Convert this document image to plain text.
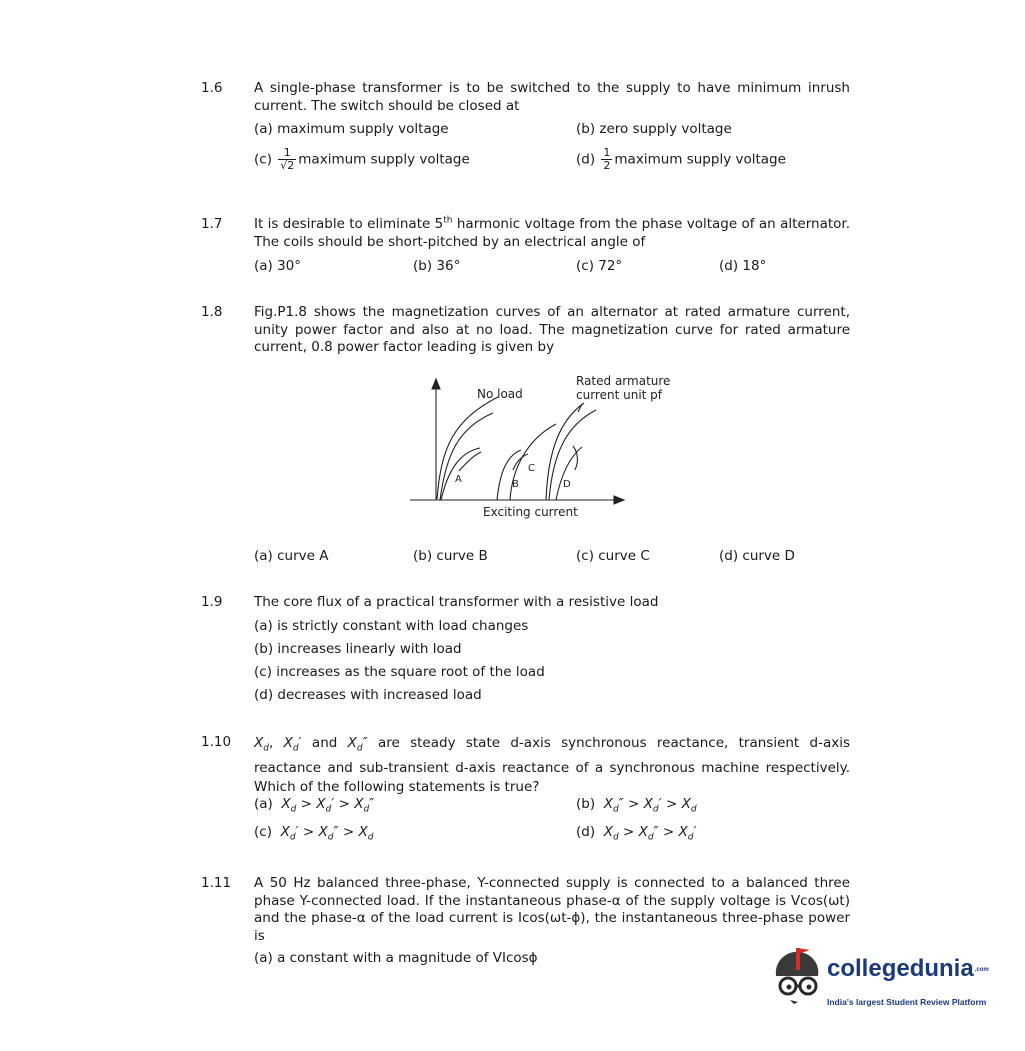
1.6 A single-phase transformer is to be switched to the supply to have minimum inrush current. The switch should be closed at
(a) maximum supply voltage	(b) zero supply voltage
$(c) \frac{1}{√2}$ maximum supply voltage	$(d) \frac{1}{2}$ maximum supply voltage
1.7 It is desirable to eliminate 5th harmonic voltage from the phase voltage of an alternator. The coils should be short-pitched by an electrical angle of
(a) 30°	(b) 36°	(c) 72°	(d) 18°
1.8 Fig.P1.8 shows the magnetization curves of an alternator at rated armature current, unity power factor and also at no load. The magnetization curve for rated armature current, 0.8 power factor leading is given by
No load
Rated armature
current unit pf
A	B
C
D
Exciting current
(a) curve A	(b) curve B	(c) curve C	(d) curve D
1.9 The core flux of a practical transformer with a resistive load
(a) is strictly constant with load changes
(b) increases linearly with load
(c) increases as the square root of the load
(d) decreases with increased load
1.10 $X_d$, $X_d'$ and $X_d''$ are steady state d-axis synchronous reactance, transient d-axis reactance and sub-transient d-axis reactance of a synchronous machine respectively. Which of the following statements is true?
(a) $X_d > X_d' > X_d''$	(b) $X_d'' > X_d' > X_d$
(c) $X_d' > X_d'' > X_d$	(d) $X_d > X_d'' > X_d'$
1.11 A 50 Hz balanced three-phase, Y-connected supply is connected to a balanced three phase Y-connected load. If the instantaneous phase-α of the supply voltage is Vcos(ωt) and the phase-α of the load current is Icos(ωt-ϕ), the instantaneous three-phase power is
(a) a constant with a magnitude of VIcosϕ	collegedunia.com
India's largest Student Review Platform
